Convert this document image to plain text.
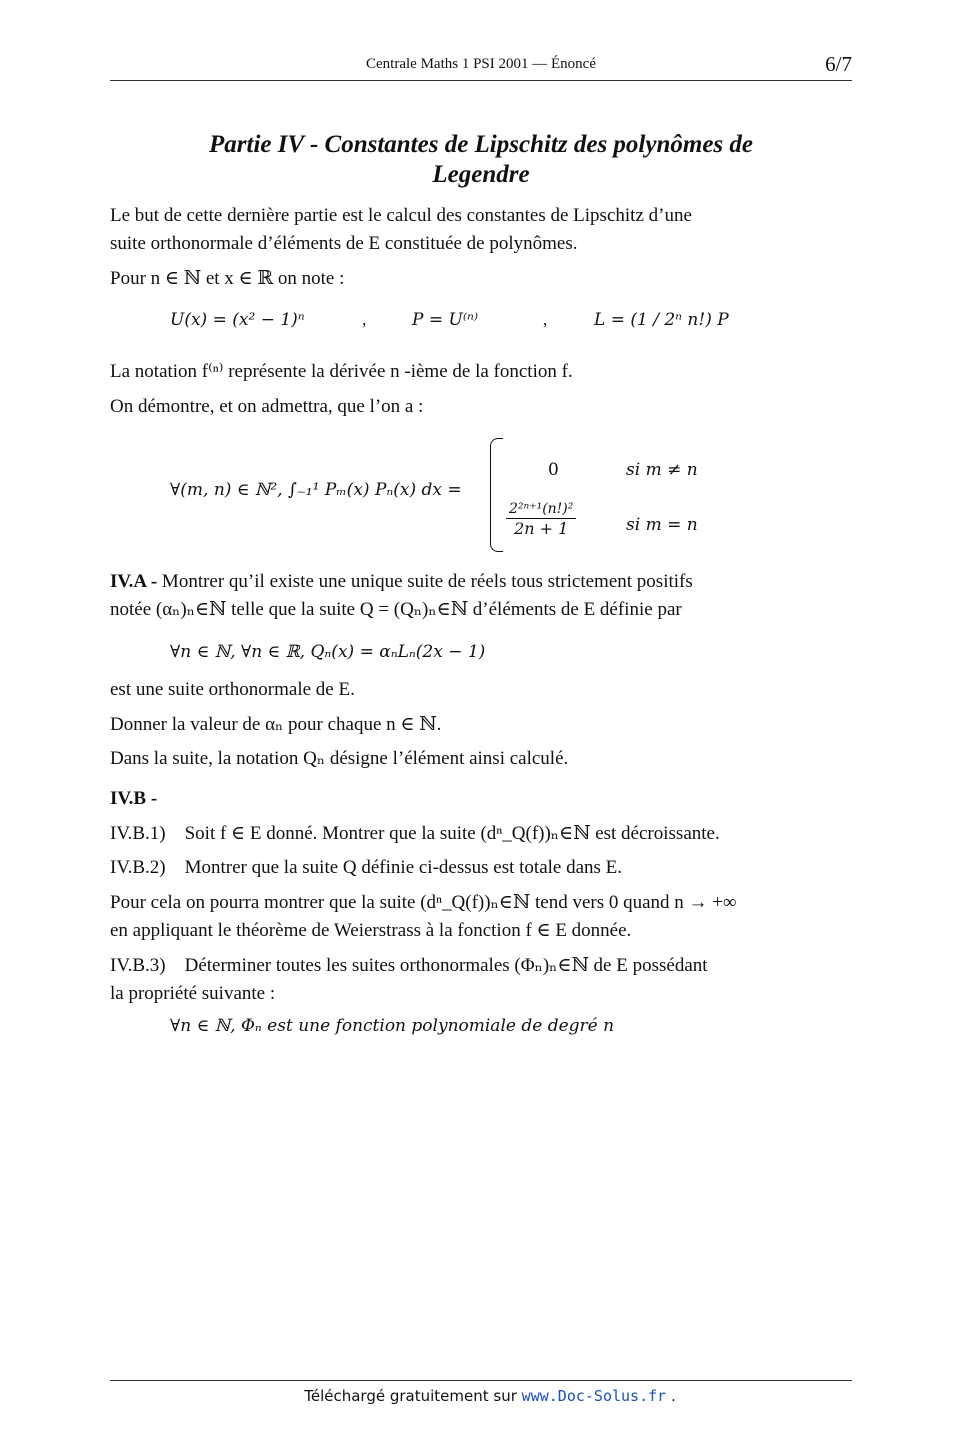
Centrale Maths 1 PSI 2001 — Énoncé	6/7
Partie IV - Constantes de Lipschitz des polynômes de
Legendre

Le but de cette dernière partie est le calcul des constantes de Lipschitz d’une

suite orthonormale d’éléments de E constituée de polynômes.

Pour n ∈ ℕ et x ∈ ℝ on note :

U(x) = (x² − 1)ⁿ	,	P = U⁽ⁿ⁾	,	L = (1 / 2ⁿ n!) P

La notation f⁽ⁿ⁾ représente la dérivée n -ième de la fonction f.

On démontre, et on admettra, que l’on a :

∀(m, n) ∈ ℕ², ∫₋₁¹ Pₘ(x) Pₙ(x) dx =
0	si m ≠ n
$\frac{\text{2²ⁿ⁺¹(n!)²}}{2n + 1}$	si m = n

IV.A - Montrer qu’il existe une unique suite de réels tous strictement positifs

notée (αₙ)ₙ∈ℕ telle que la suite Q = (Qₙ)ₙ∈ℕ d’éléments de E définie par

∀n ∈ ℕ, ∀n ∈ ℝ, Qₙ(x) = αₙLₙ(2x − 1)

est une suite orthonormale de E.

Donner la valeur de αₙ pour chaque n ∈ ℕ.

Dans la suite, la notation Qₙ désigne l’élément ainsi calculé.

IV.B -

IV.B.1) Soit f ∈ E donné. Montrer que la suite (dⁿ_Q(f))ₙ∈ℕ est décroissante.

IV.B.2) Montrer que la suite Q définie ci-dessus est totale dans E.

Pour cela on pourra montrer que la suite (dⁿ_Q(f))ₙ∈ℕ tend vers 0 quand n → +∞

en appliquant le théorème de Weierstrass à la fonction f ∈ E donnée.

IV.B.3) Déterminer toutes les suites orthonormales (Φₙ)ₙ∈ℕ de E possédant

la propriété suivante :

∀n ∈ ℕ, Φₙ est une fonction polynomiale de degré n
Téléchargé gratuitement sur www.Doc-Solus.fr .
